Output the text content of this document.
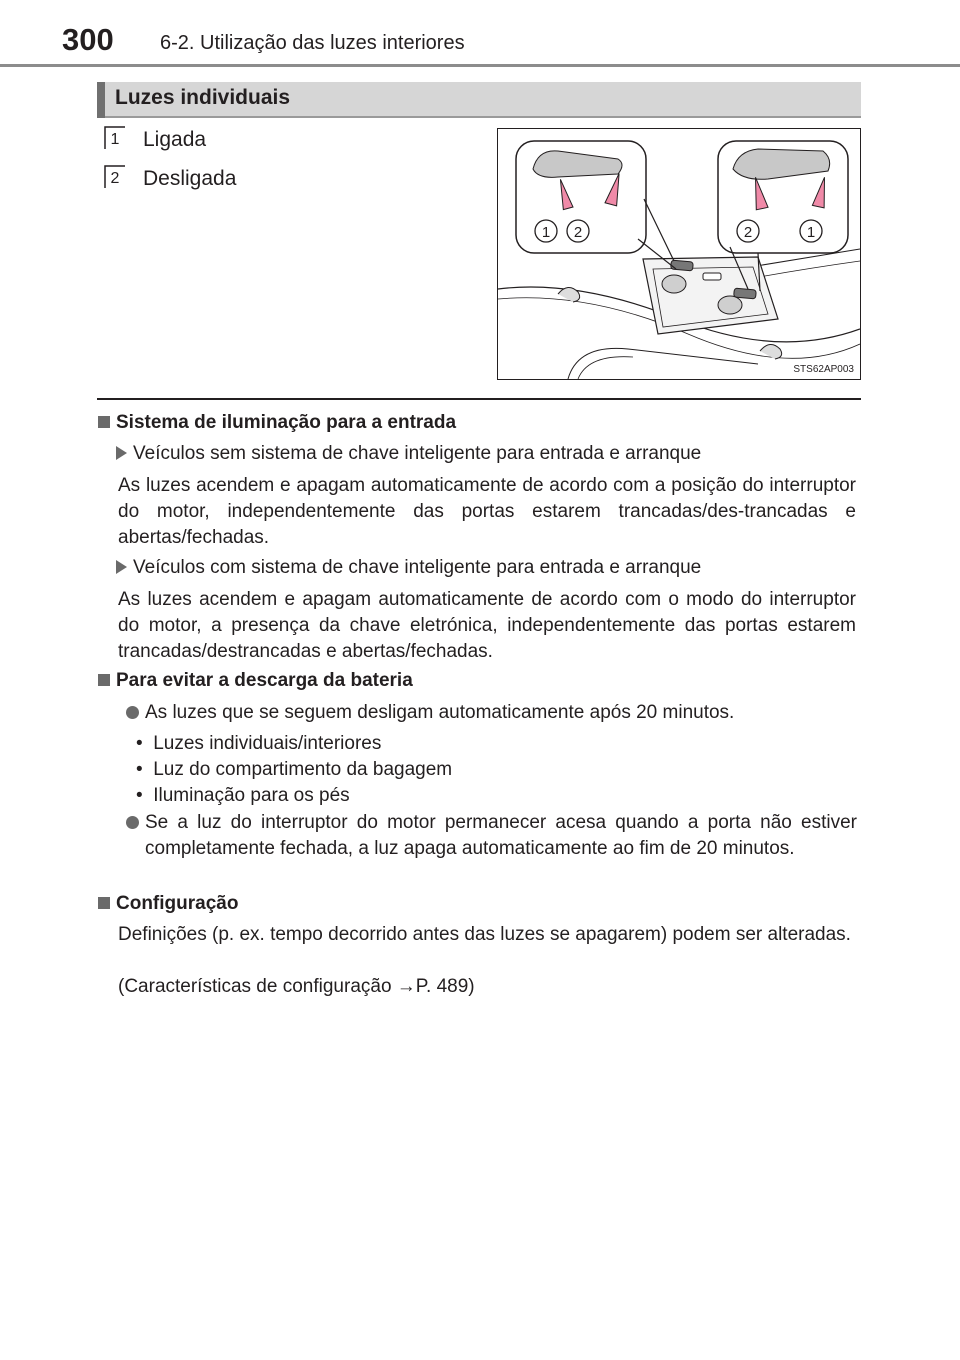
300 6-2. Utilização das luzes interiores
Luzes individuais
1 Ligada
2 Desligada
1 2	2	1
STS62AP003
Sistema de iluminação para a entrada
Veículos sem sistema de chave inteligente para entrada e arranque
As luzes acendem e apagam automaticamente de acordo com a posição do interruptor do motor, independentemente das portas estarem trancadas/des-trancadas e abertas/fechadas.
Veículos com sistema de chave inteligente para entrada e arranque
As luzes acendem e apagam automaticamente de acordo com o modo do interruptor do motor, a presença da chave eletrónica, independentemente das portas estarem trancadas/destrancadas e abertas/fechadas.
Para evitar a descarga da bateria
As luzes que se seguem desligam automaticamente após 20 minutos.
•  Luzes individuais/interiores
•  Luz do compartimento da bagagem
•  Iluminação para os pés
Se a luz do interruptor do motor permanecer acesa quando a porta não estiver completamente fechada, a luz apaga automaticamente ao fim de 20 minutos.
Configuração
Definições (p. ex. tempo decorrido antes das luzes se apagarem) podem ser alteradas.
(Características de configuração →P. 489)
